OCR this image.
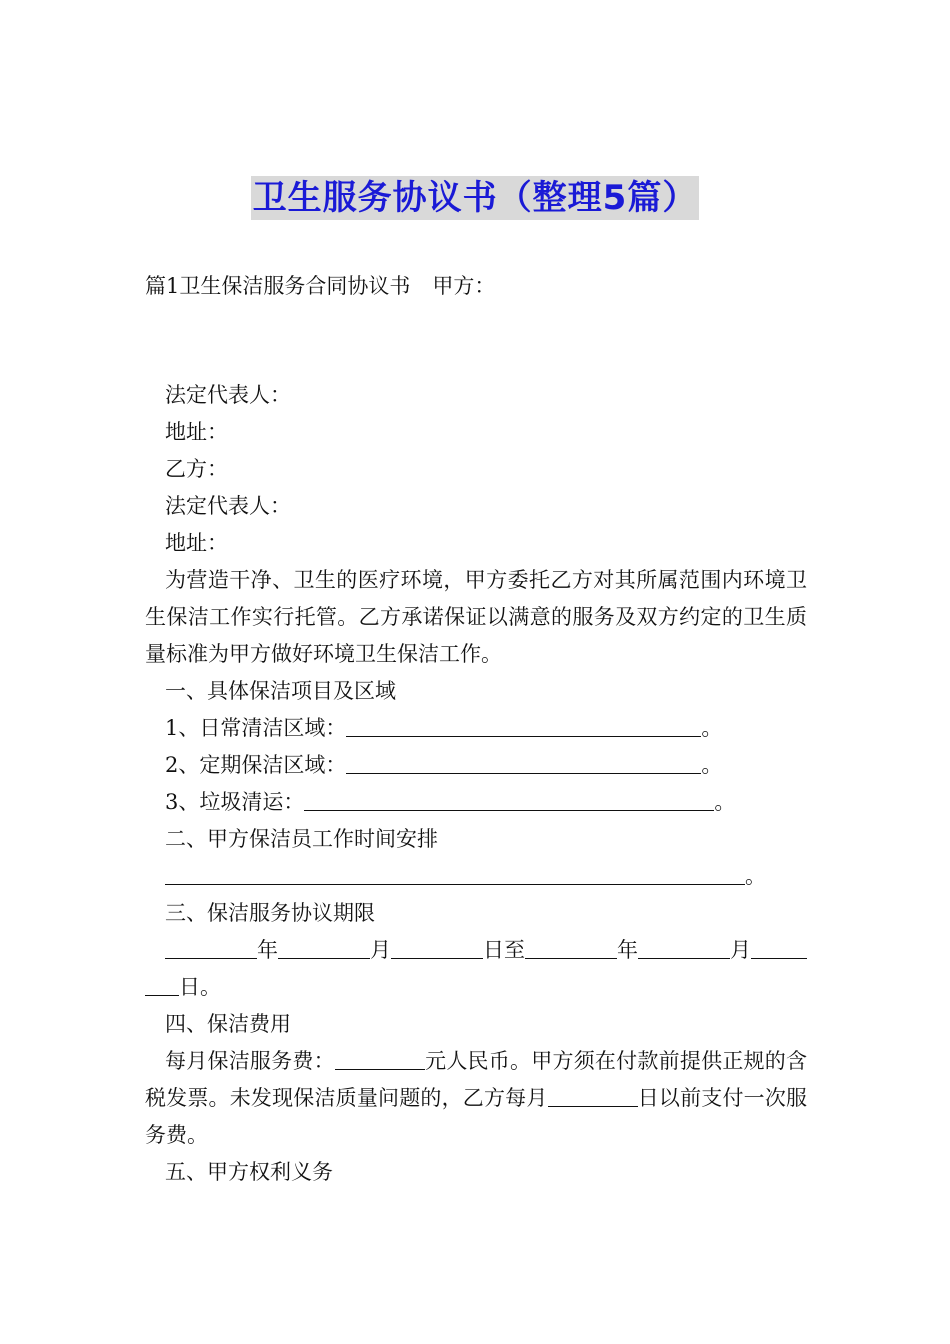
卫生服务协议书（整理5篇）
篇1卫生保洁服务合同协议书 甲方：
法定代表人：
地址：
乙方：
法定代表人：
地址：
为营造干净、卫生的医疗环境，甲方委托乙方对其所属范围内环境卫生保洁工作实行托管。乙方承诺保证以满意的服务及双方约定的卫生质量标准为甲方做好环境卫生保洁工作。
一、具体保洁项目及区域
1、日常清洁区域：	。
2、定期保洁区域：	。
3、垃圾清运：	。
二、甲方保洁员工作时间安排
。
三、保洁服务协议期限
年	月	日至	年	月
日。
四、保洁费用
每月保洁服务费：	元人民币。甲方须在付款前提供正规的含税发票。未发现保洁质量问题的，乙方每月	日以前支付一次服务费。
五、甲方权利义务
